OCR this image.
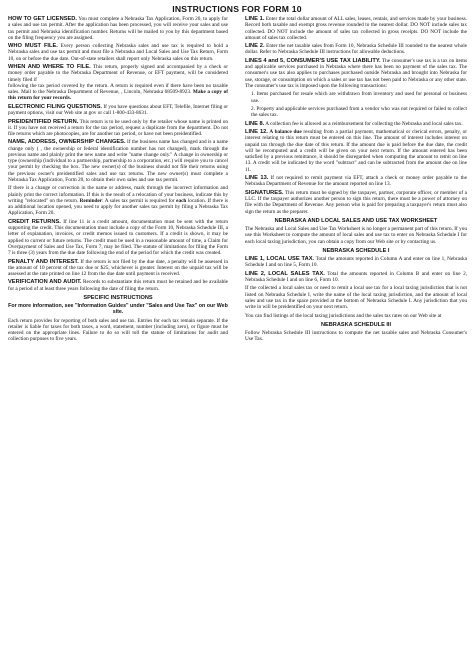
INSTRUCTIONS FOR FORM 10

HOW TO GET LICENSED. You must complete a Nebraska Tax Application, Form 20, to apply for a sales and use tax permit. After the application has been processed, you will receive your sales and use tax permit and Nebraska identification number. Returns will be mailed to you by this department based on the filing frequency you are assigned.

WHO MUST FILE. Every person collecting Nebraska sales and use tax is required to hold a Nebraska sales and use tax permit and must file a Nebraska and Local Sales and Use Tax Return, Form 10, on or before the due date. Out-of-state retailers shall report only Nebraska sales on this return.

WHEN AND WHERE TO FILE. This return, properly signed and accompanied by a check or money order payable to the Nebraska Department of Revenue, or EFT payment, will be considered timely filed if
following the tax period covered by the return. A return is required even if there have been no taxable sales. Mail to the Nebraska Department of Revenue, , Lincoln, Nebraska 68509-8923. Make a copy of this return for your records.

ELECTRONIC FILING QUESTIONS. If you have questions about EFT, Telefile, Internet filing or payment options, visit our Web site at gov or call 1-800-433-8631.

PREIDENTIFIED RETURN. This return is to be used only by the retailer whose name is printed on it. If you have not received a return for the tax period, request a duplicate from the department. Do not file returns which are photocopies, are for another tax period, or have not been preidentified.

NAME, ADDRESS, OWNERSHIP CHANGES. If the business name has changed and is a name change only ( , the ownership or federal identification number has not changed), mark through the previous name and plainly print the new name and write "name change only." A change in ownership or type (ownership (individual to a partnership, partnership to a corporation, etc.) will require you to cancel your permit by checking the box. The new owner(s) of the business should not file their returns using the previous owner's preidentified sales and use tax returns. The new owner(s) must complete a Nebraska Tax Application, Form 20, to obtain their own sales and use tax permit.

If there is a change or correction in the name or address, mark through the incorrect information and plainly print the correct information. If this is the result of a relocation of your business, indicate this by writing "relocated" on the return. Reminder: A sales tax permit is required for each location. If there is an additional location opened, you need to apply for another sales tax permit by filing a Nebraska Tax Application, Form 20.

CREDIT RETURNS. If line 11 is a credit amount, documentation must be sent with the return supporting the credit. This documentation must include a copy of the Form 10, Nebraska Schedule III, a letter of explanation, invoices, or credit memos issued to customers. If a credit is shown, it may be applied to current or future returns. The credit must be used in a reasonable amount of time, a Claim for Overpayment of Sales and Use Tax, Form 7, may be filed. The statute of limitations for filing the Form 7 is three (3) years from the due date following the end of the period for which the credit was created.

PENALTY AND INTEREST. If the return is not filed by the due date, a penalty will be assessed in the amount of 10 percent of the tax due or $25, whichever is greater. Interest on the unpaid tax will be assessed at the rate printed on line 12 from the due date until payment is received.

VERIFICATION AND AUDIT. Records to substantiate this return must be retained and be available for a period of at least three years following the date of filing the return.

SPECIFIC INSTRUCTIONS
For more information, see "Information Guides" under "Sales and Use Tax" on our Web site.

Each return provides for reporting of both sales and use tax. Entries for each tax remain separate. If the retailer is liable for taxes for both taxes, a word, statement, number (including zero), or figure must be entered on the appropriate lines. Failure to do so will toll the statute of limitations for audit and collection purposes to five years.

LINE 1. Enter the total dollar amount of ALL sales, leases, rentals, and services made by your business. Record both taxable and exempt gross revenue rounded to the nearest dollar. DO NOT include sales tax collected. DO NOT include the amount of sales tax collected in gross receipts. DO NOT include the amount of sales tax collected.

LINE 2. Enter the net taxable sales from Form 10, Nebraska Schedule III rounded to the nearest whole dollar. Refer to Nebraska Schedule III instructions for allowable deductions.

LINES 4 and 5, CONSUMER'S USE TAX LIABILITY. The consumer's use tax is a tax on items and applicable services purchased in Nebraska where there has been no payment of the sales tax. The consumer's use tax also applies to purchases purchased outside Nebraska and brought into Nebraska for use, storage, or consumption on which a sales or use tax has not been paid to Nebraska or any other state. The consumer's use tax is imposed upon the following transactions:

1. Items purchased for resale which are withdrawn from inventory and used for personal or business use.

2. Property and applicable services purchased from a vendor who was not required or failed to collect the sales tax.

LINE 8. A collection fee is allowed as a reimbursement for collecting the Nebraska and local sales tax.

LINE 12. A balance due resulting from a partial payment, mathematical or clerical errors, penalty, or interest relating to this return must be entered on this line. The amount of interest includes interest on unpaid tax through the due date of this return. If the amount due is paid before the due date, the credit will be recomputed and a credit will be given on your next return. If the amount entered has been satisfied by a previous remittance, it should be disregarded when computing the amount to remit on line 13. A credit will be indicated by the word "subtract" and can be subtracted from the amount due on line 11.

LINE 13. If not required to remit payment via EFT, attach a check or money order payable to the Nebraska Department of Revenue for the amount reported on line 13.

SIGNATURES. This return must be signed by the taxpayer, partner, corporate officer, or member of a LLC. If the taxpayer authorizes another person to sign this return, there must be a power of attorney on file with the Department of Revenue. Any person who is paid for preparing a taxpayer's return must also sign the return as the preparer.

NEBRASKA AND LOCAL SALES AND USE TAX WORKSHEET

The Nebraska and Local Sales and Use Tax Worksheet is no longer a permanent part of this return. If you use this Worksheet to compute the amount of local sales and use tax to enter on Nebraska Schedule I for each local taxing jurisdiction, you can obtain a copy from our Web site or by contacting us.

NEBRASKA SCHEDULE I

LINE 1, LOCAL USE TAX. Total the amounts reported in Column A and enter on line 1, Nebraska Schedule I and on line 5, Form 10.

LINE 2, LOCAL SALES TAX. Total the amounts reported in Column B and enter on line 2, Nebraska Schedule I and on line 6, Form 10.

If the collected a local sales tax or need to remit a local use tax for a local taxing jurisdiction that is not listed on Nebraska Schedule I, write the name of the local taxing jurisdiction, and the amount of local sales and use tax in the space provided at the bottom of Nebraska Schedule I. Any jurisdiction that you write in will be preidentified on your next return.

You can find listings of the local taxing jurisdictions and the sales tax rates on our Web site at

NEBRASKA SCHEDULE III

Follow Nebraska Schedule III instructions to compute the net taxable sales and Nebraska Consumer's Use Tax.
